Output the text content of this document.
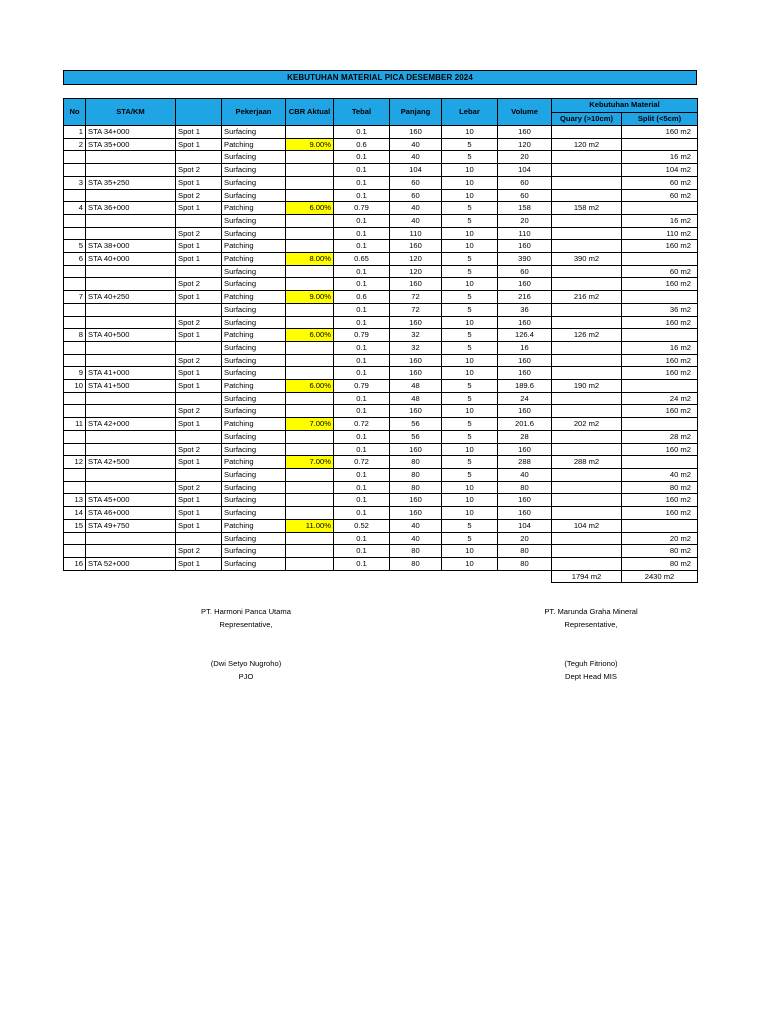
KEBUTUHAN MATERIAL PICA DESEMBER 2024
No	STA/KM		Pekerjaan	CBR Aktual	Tebal	Panjang	Lebar	Volume	Kebutuhan Material	
									Quary (>10cm)	Split (<5cm)
1	STA 34+000	Spot 1	Surfacing		0.1	160	10	160		160 m2
2	STA 35+000	Spot 1	Patching	9.00%	0.6	40	5	120	120 m2	
			Surfacing		0.1	40	5	20		16 m2
		Spot 2	Surfacing		0.1	104	10	104		104 m2
3	STA 35+250	Spot 1	Surfacing		0.1	60	10	60		60 m2
		Spot 2	Surfacing		0.1	60	10	60		60 m2
4	STA 36+000	Spot 1	Patching	6.00%	0.79	40	5	158	158 m2	
			Surfacing		0.1	40	5	20		16 m2
		Spot 2	Surfacing		0.1	110	10	110		110 m2
5	STA 38+000	Spot 1	Patching		0.1	160	10	160		160 m2
6	STA 40+000	Spot 1	Patching	8.00%	0.65	120	5	390	390 m2	
			Surfacing		0.1	120	5	60		60 m2
		Spot 2	Surfacing		0.1	160	10	160		160 m2
7	STA 40+250	Spot 1	Patching	9.00%	0.6	72	5	216	216 m2	
			Surfacing		0.1	72	5	36		36 m2
		Spot 2	Surfacing		0.1	160	10	160		160 m2
8	STA 40+500	Spot 1	Patching	6.00%	0.79	32	5	126.4	126 m2	
			Surfacing		0.1	32	5	16		16 m2
		Spot 2	Surfacing		0.1	160	10	160		160 m2
9	STA 41+000	Spot 1	Surfacing		0.1	160	10	160		160 m2
10	STA 41+500	Spot 1	Patching	6.00%	0.79	48	5	189.6	190 m2	
			Surfacing		0.1	48	5	24		24 m2
		Spot 2	Surfacing		0.1	160	10	160		160 m2
11	STA 42+000	Spot 1	Patching	7.00%	0.72	56	5	201.6	202 m2	
			Surfacing		0.1	56	5	28		28 m2
		Spot 2	Surfacing		0.1	160	10	160		160 m2
12	STA 42+500	Spot 1	Patching	7.00%	0.72	80	5	288	288 m2	
			Surfacing		0.1	80	5	40		40 m2
		Spot 2	Surfacing		0.1	80	10	80		80 m2
13	STA 45+000	Spot 1	Surfacing		0.1	160	10	160		160 m2
14	STA 46+000	Spot 1	Surfacing		0.1	160	10	160		160 m2
15	STA 49+750	Spot 1	Patching	11.00%	0.52	40	5	104	104 m2	
			Surfacing		0.1	40	5	20		20 m2
		Spot 2	Surfacing		0.1	80	10	80		80 m2
16	STA 52+000	Spot 1	Surfacing		0.1	80	10	80		80 m2
									1794 m2	2430 m2
PT. Harmoni Panca Utama
Representative,
(Dwi Setyo Nugroho)
PJO
PT. Marunda Graha Mineral
Representative,
(Teguh Fitriono)
Dept Head MIS
